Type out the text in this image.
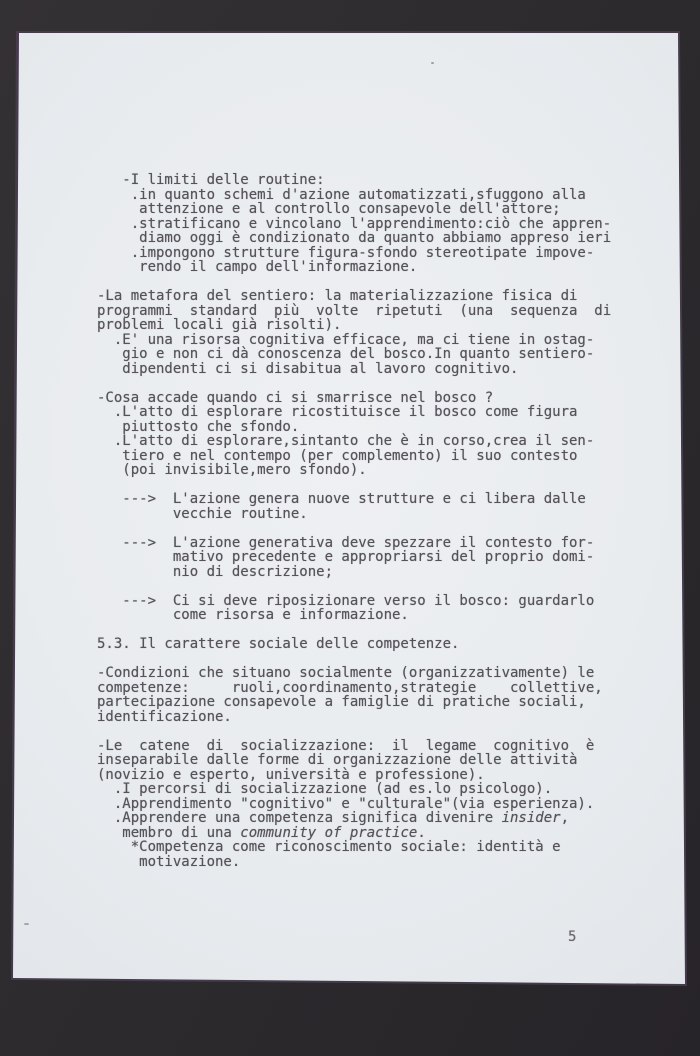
-I limiti delle routine:
.in quanto schemi d'azione automatizzati,sfuggono alla
attenzione e al controllo consapevole dell'attore;
.stratificano e vincolano l'apprendimento:ciò che appren-
diamo oggi è condizionato da quanto abbiamo appreso ieri
.impongono strutture figura-sfondo stereotipate impove-
rendo il campo dell'informazione.
-La metafora del sentiero: la materializzazione fisica di
programmi  standard  più  volte  ripetuti  (una  sequenza  di
problemi locali già risolti).
.E' una risorsa cognitiva efficace, ma ci tiene in ostag-
gio e non ci dà conoscenza del bosco.In quanto sentiero-
dipendenti ci si disabitua al lavoro cognitivo.
-Cosa accade quando ci si smarrisce nel bosco ?
.L'atto di esplorare ricostituisce il bosco come figura
piuttosto che sfondo.
.L'atto di esplorare,sintanto che è in corso,crea il sen-
tiero e nel contempo (per complemento) il suo contesto
(poi invisibile,mero sfondo).
--->  L'azione genera nuove strutture e ci libera dalle
vecchie routine.
--->  L'azione generativa deve spezzare il contesto for-
mativo precedente e appropriarsi del proprio domi-
nio di descrizione;
--->  Ci si deve riposizionare verso il bosco: guardarlo
come risorsa e informazione.
5.3. Il carattere sociale delle competenze.
-Condizioni che situano socialmente (organizzativamente) le
competenze:     ruoli,coordinamento,strategie    collettive,
partecipazione consapevole a famiglie di pratiche sociali,
identificazione.
-Le  catene  di  socializzazione:  il  legame  cognitivo  è
inseparabile dalle forme di organizzazione delle attività
(novizio e esperto, università e professione).
.I percorsi di socializzazione (ad es.lo psicologo).
.Apprendimento "cognitivo" e "culturale"(via esperienza).
.Apprendere una competenza significa divenire insider,
membro di una community of practice.
*Competenza come riconoscimento sociale: identità e
motivazione.
5
